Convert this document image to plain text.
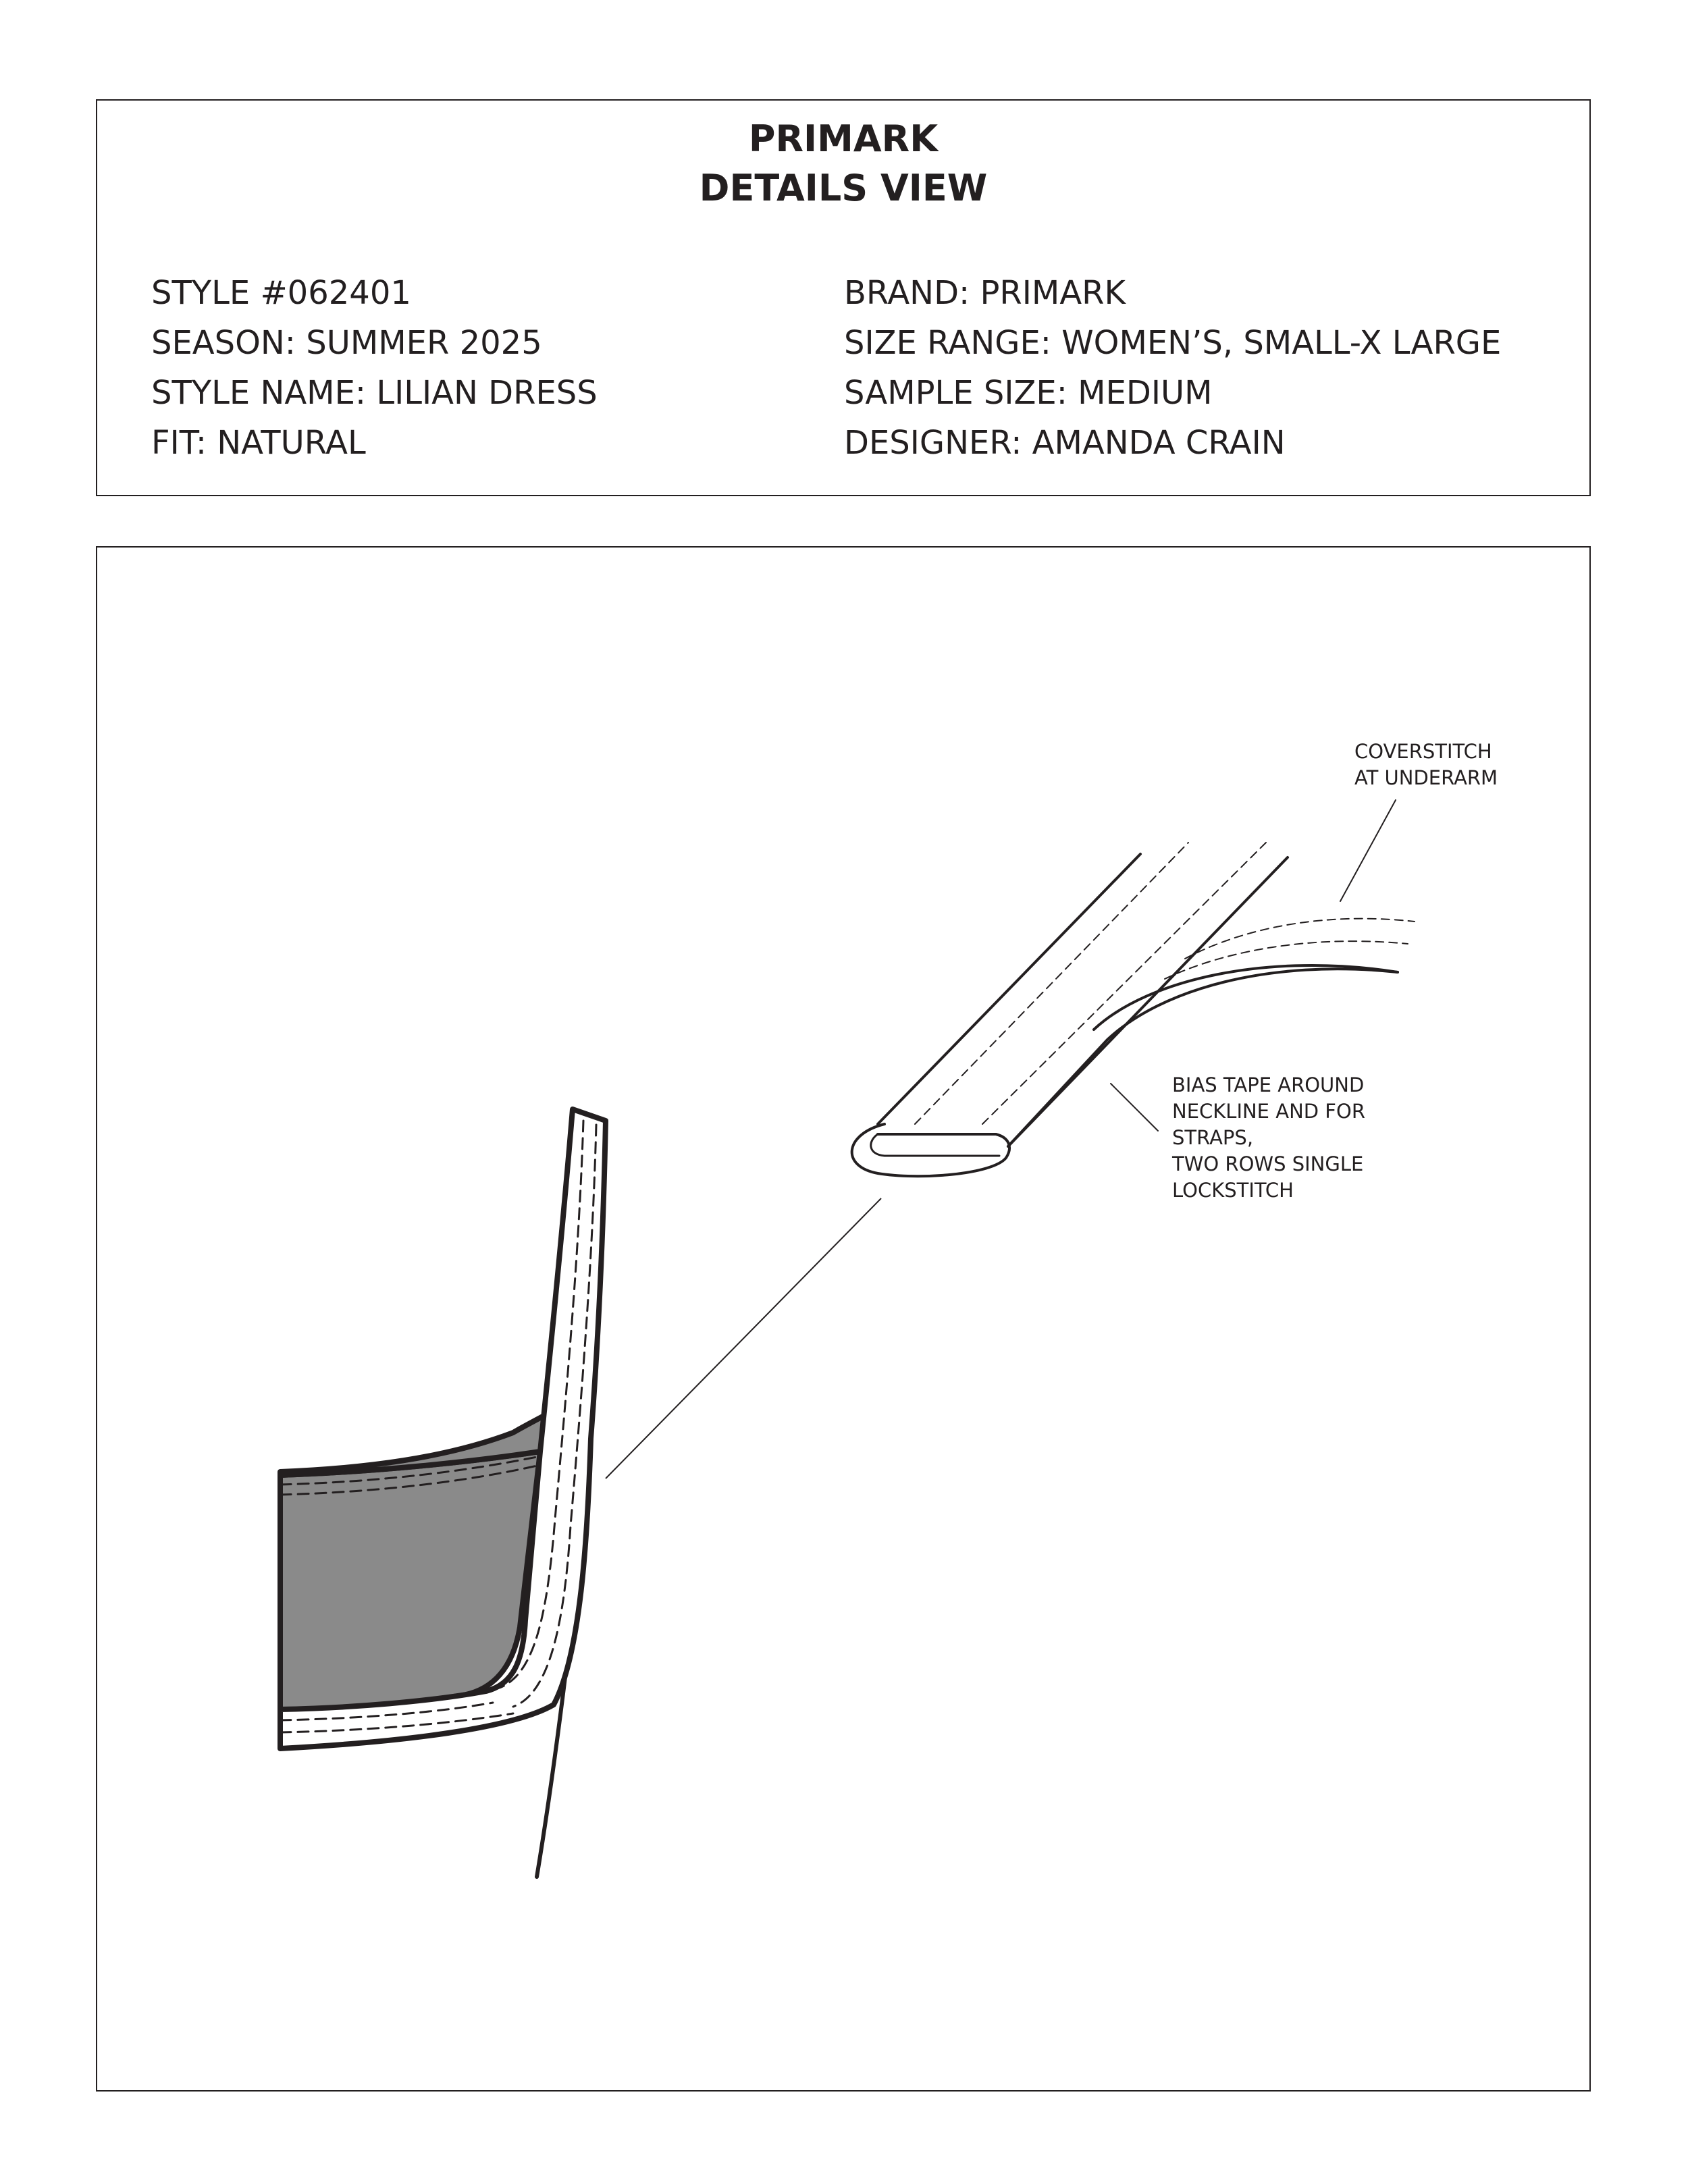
PRIMARK
DETAILS VIEW
STYLE #062401
SEASON: SUMMER 2025
STYLE NAME: LILIAN DRESS
FIT: NATURAL
BRAND: PRIMARK
SIZE RANGE: WOMEN’S, SMALL-X LARGE
SAMPLE SIZE: MEDIUM
DESIGNER: AMANDA CRAIN
COVERSTITCH AT UNDERARM
BIAS TAPE AROUND NECKLINE AND FOR STRAPS, TWO ROWS SINGLE LOCKSTITCH
